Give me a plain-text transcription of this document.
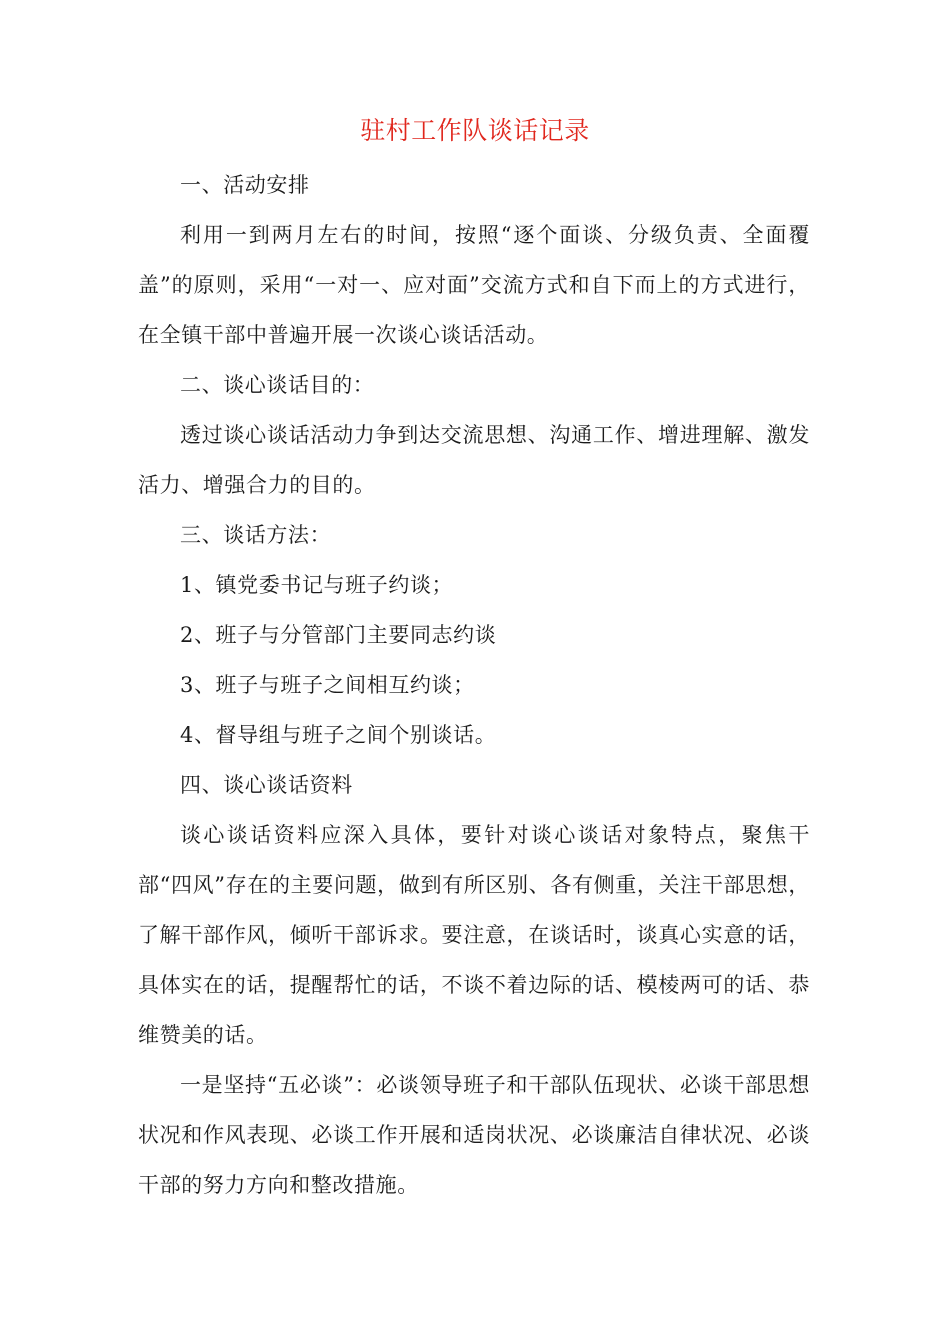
驻村工作队谈话记录

一、活动安排

利用一到两月左右的时间，按照“逐个面谈、分级负责、全面覆盖”的原则，采用“一对一、应对面”交流方式和自下而上的方式进行，在全镇干部中普遍开展一次谈心谈话活动。

二、谈心谈话目的：

透过谈心谈话活动力争到达交流思想、沟通工作、增进理解、激发活力、增强合力的目的。

三、谈话方法：

1、镇党委书记与班子约谈；

2、班子与分管部门主要同志约谈

3、班子与班子之间相互约谈；

4、督导组与班子之间个别谈话。

四、谈心谈话资料

谈心谈话资料应深入具体，要针对谈心谈话对象特点，聚焦干部“四风”存在的主要问题，做到有所区别、各有侧重，关注干部思想，了解干部作风，倾听干部诉求。要注意，在谈话时，谈真心实意的话，具体实在的话，提醒帮忙的话，不谈不着边际的话、模棱两可的话、恭维赞美的话。

一是坚持“五必谈”：必谈领导班子和干部队伍现状、必谈干部思想状况和作风表现、必谈工作开展和适岗状况、必谈廉洁自律状况、必谈干部的努力方向和整改措施。
